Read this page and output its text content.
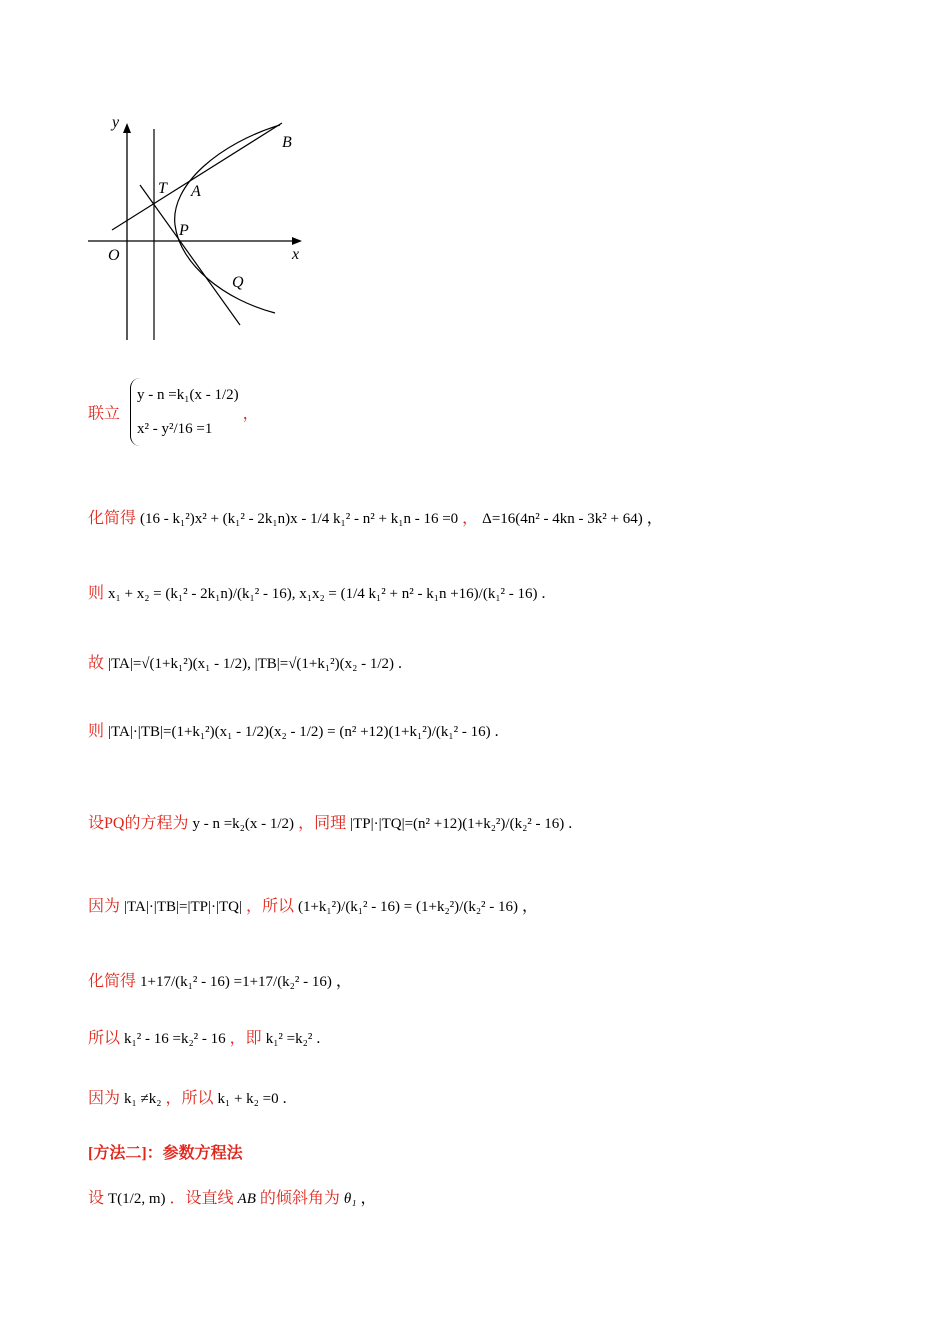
y
x
O
T A
B
P
Q
联立
y - n =k₁(x - 1/2)
x² - y²/16 =1
，
化简得 (16 - k₁²)x² + (k₁² - 2k₁n)x - 1/4 k₁² - n² + k₁n - 16 =0 ， Δ=16(4n² - 4kn - 3k² + 64) ，
则 x₁ + x₂ = (k₁² - 2k₁n)/(k₁² - 16), x₁x₂ = (1/4 k₁² + n² - k₁n +16)/(k₁² - 16) .
故 |TA|=√(1+k₁²)(x₁ - 1/2), |TB|=√(1+k₁²)(x₂ - 1/2) .
则 |TA|·|TB|=(1+k₁²)(x₁ - 1/2)(x₂ - 1/2) = (n² +12)(1+k₁²)/(k₁² - 16) .
设PQ的方程为 y - n =k₂(x - 1/2) ，同理 |TP|·|TQ|=(n² +12)(1+k₂²)/(k₂² - 16) .
因为 |TA|·|TB|=|TP|·|TQ| ，所以 (1+k₁²)/(k₁² - 16) = (1+k₂²)/(k₂² - 16) ，
化简得 1+17/(k₁² - 16) =1+17/(k₂² - 16) ，
所以 k₁² - 16 =k₂² - 16 ，即 k₁² =k₂² .
因为 k₁ ≠k₂ ，所以 k₁ + k₂ =0 .
[方法二]：参数方程法
设 T(1/2, m) ．设直线 AB 的倾斜角为 θ₁ ，
